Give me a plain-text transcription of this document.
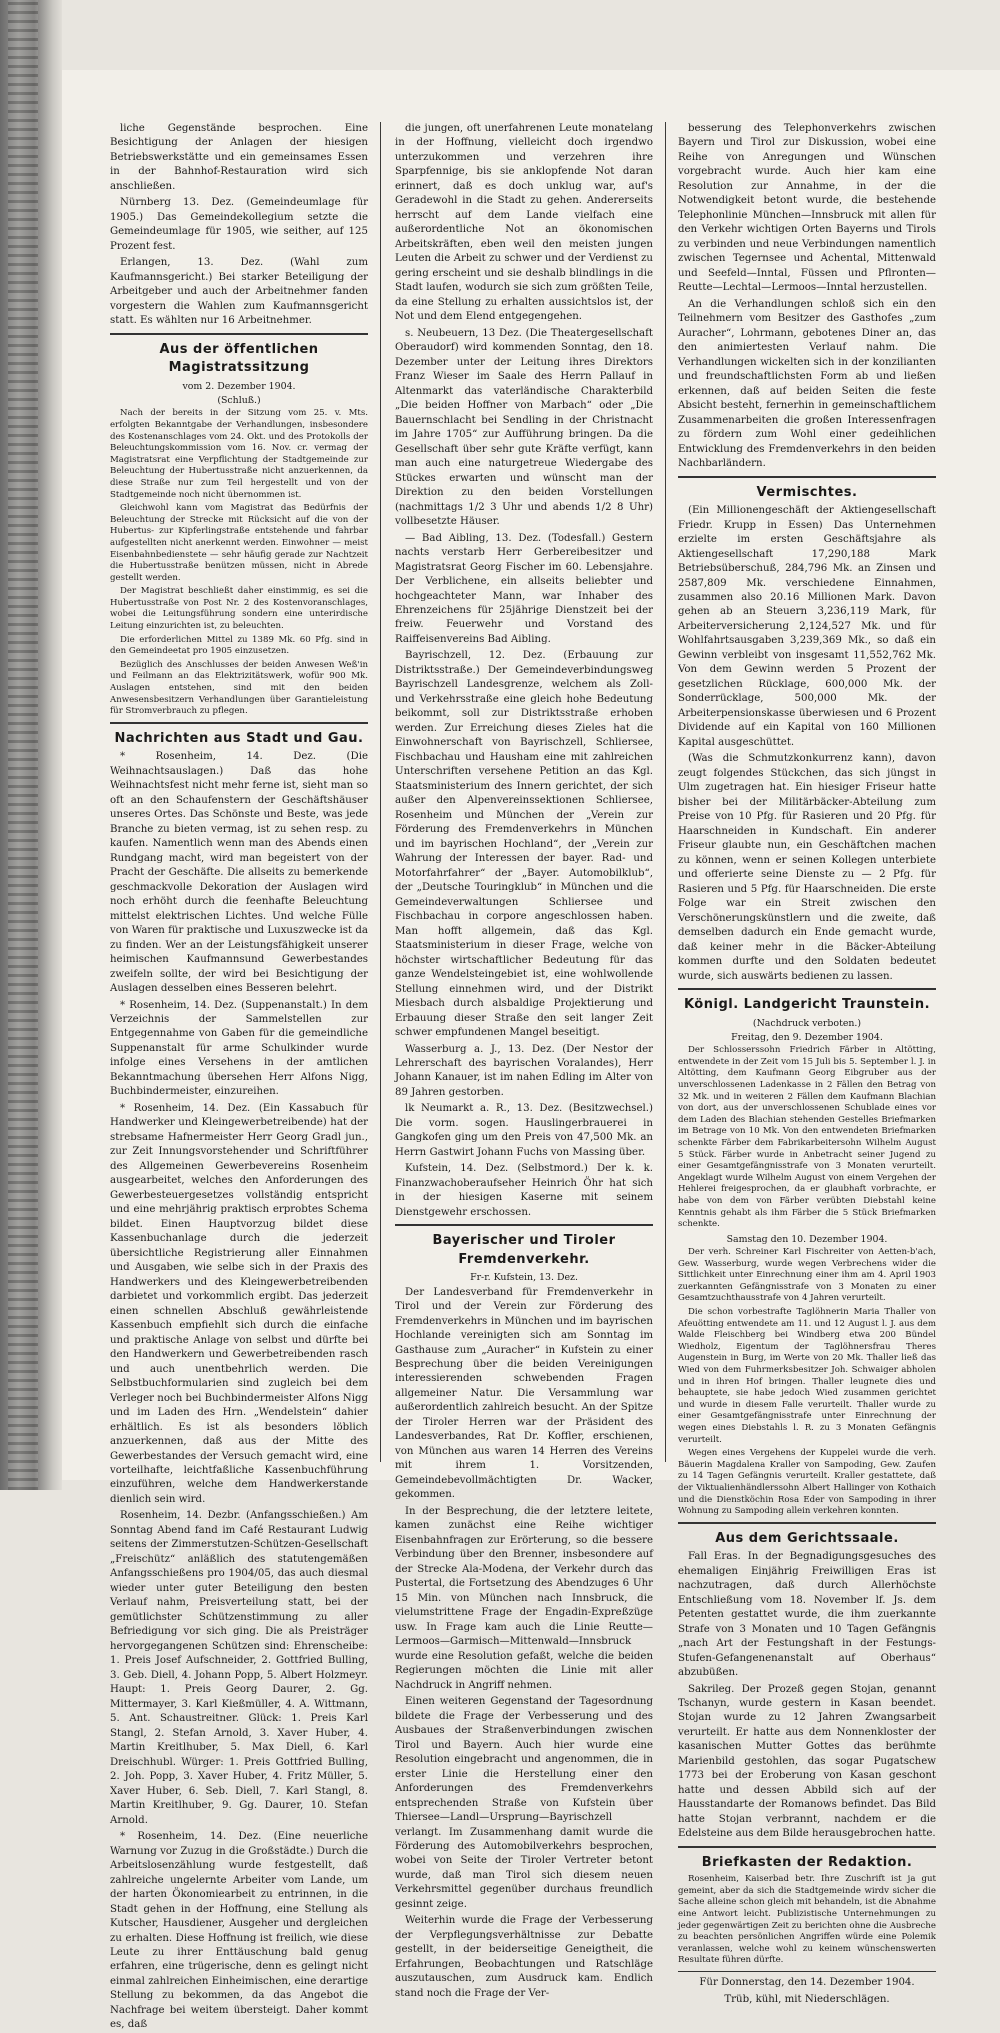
liche Gegenstände besprochen. Eine Besichtigung der Anlagen der hiesigen Betriebswerkstätte und ein gemeinsames Essen in der Bahnhof-Restauration wird sich anschließen.

Nürnberg 13. Dez. (Gemeindeumlage für 1905.) Das Gemeindekollegium setzte die Gemeindeumlage für 1905, wie seither, auf 125 Prozent fest.

Erlangen, 13. Dez. (Wahl zum Kaufmannsgericht.) Bei starker Beteiligung der Arbeitgeber und auch der Arbeitnehmer fanden vorgestern die Wahlen zum Kaufmannsgericht statt. Es wählten nur 16 Arbeitnehmer.

Aus der öffentlichen Magistratssitzung

vom 2. Dezember 1904.

(Schluß.)

Nach der bereits in der Sitzung vom 25. v. Mts. erfolgten Bekanntgabe der Verhandlungen, insbesondere des Kostenanschlages vom 24. Okt. und des Protokolls der Beleuchtungskommission vom 16. Nov. cr. vermag der Magistratsrat eine Verpflichtung der Stadtgemeinde zur Beleuchtung der Hubertusstraße nicht anzuerkennen, da diese Straße nur zum Teil hergestellt und von der Stadtgemeinde noch nicht übernommen ist.

Gleichwohl kann vom Magistrat das Bedürfnis der Beleuchtung der Strecke mit Rücksicht auf die von der Hubertus- zur Kipferlingstraße entstehende und fahrbar aufgestellten nicht anerkennt werden. Einwohner — meist Eisenbahnbedienstete — sehr häufig gerade zur Nachtzeit die Hubertusstraße benützen müssen, nicht in Abrede gestellt werden.

Der Magistrat beschließt daher einstimmig, es sei die Hubertusstraße von Post Nr. 2 des Kostenvoranschlages, wobei die Leitungsführung sondern eine unterirdische Leitung einzurichten ist, zu beleuchten.

Die erforderlichen Mittel zu 1389 Mk. 60 Pfg. sind in den Gemeindeetat pro 1905 einzusetzen.

Bezüglich des Anschlusses der beiden Anwesen Weß'in und Feilmann an das Elektrizitätswerk, wofür 900 Mk. Auslagen entstehen, sind mit den beiden Anwesensbesitzern Verhandlungen über Garantieleistung für Stromverbrauch zu pflegen.

Nachrichten aus Stadt und Gau.

* Rosenheim, 14. Dez. (Die Weihnachtsauslagen.) Daß das hohe Weihnachtsfest nicht mehr ferne ist, sieht man so oft an den Schaufenstern der Geschäftshäuser unseres Ortes. Das Schönste und Beste, was jede Branche zu bieten vermag, ist zu sehen resp. zu kaufen. Namentlich wenn man des Abends einen Rundgang macht, wird man begeistert von der Pracht der Geschäfte. Die allseits zu bemerkende geschmackvolle Dekoration der Auslagen wird noch erhöht durch die feenhafte Beleuchtung mittelst elektrischen Lichtes. Und welche Fülle von Waren für praktische und Luxuszwecke ist da zu finden. Wer an der Leistungsfähigkeit unserer heimischen Kaufmannsund Gewerbestandes zweifeln sollte, der wird bei Besichtigung der Auslagen desselben eines Besseren belehrt.

* Rosenheim, 14. Dez. (Suppenanstalt.) In dem Verzeichnis der Sammelstellen zur Entgegennahme von Gaben für die gemeindliche Suppenanstalt für arme Schulkinder wurde infolge eines Versehens in der amtlichen Bekanntmachung übersehen Herr Alfons Nigg, Buchbindermeister, einzureihen.

* Rosenheim, 14. Dez. (Ein Kassabuch für Handwerker und Kleingewerbetreibende) hat der strebsame Hafnermeister Herr Georg Gradl jun., zur Zeit Innungsvorstehender und Schriftführer des Allgemeinen Gewerbevereins Rosenheim ausgearbeitet, welches den Anforderungen des Gewerbesteuergesetzes vollständig entspricht und eine mehrjährig praktisch erprobtes Schema bildet. Einen Hauptvorzug bildet diese Kassenbuchanlage durch die jederzeit übersichtliche Registrierung aller Einnahmen und Ausgaben, wie selbe sich in der Praxis des Handwerkers und des Kleingewerbetreibenden darbietet und vorkommlich ergibt. Das jederzeit einen schnellen Abschluß gewährleistende Kassenbuch empfiehlt sich durch die einfache und praktische Anlage von selbst und dürfte bei den Handwerkern und Gewerbetreibenden rasch und auch unentbehrlich werden. Die Selbstbuchformularien sind zugleich bei dem Verleger noch bei Buchbindermeister Alfons Nigg und im Laden des Hrn. „Wendelstein“ dahier erhältlich. Es ist als besonders löblich anzuerkennen, daß aus der Mitte des Gewerbestandes der Versuch gemacht wird, eine vorteilhafte, leichtfaßliche Kassenbuchführung einzuführen, welche dem Handwerkerstande dienlich sein wird.

Rosenheim, 14. Dezbr. (Anfangsschießen.) Am Sonntag Abend fand im Café Restaurant Ludwig seitens der Zimmerstutzen-Schützen-Gesellschaft „Freischütz“ anläßlich des statutengemäßen Anfangsschießens pro 1904/05, das auch diesmal wieder unter guter Beteiligung den besten Verlauf nahm, Preisverteilung statt, bei der gemütlichster Schützenstimmung zu aller Befriedigung vor sich ging. Die als Preisträger hervorgegangenen Schützen sind: Ehrenscheibe: 1. Preis Josef Aufschneider, 2. Gottfried Bulling, 3. Geb. Diell, 4. Johann Popp, 5. Albert Holzmeyr. Haupt: 1. Preis Georg Daurer, 2. Gg. Mittermayer, 3. Karl Kießmüller, 4. A. Wittmann, 5. Ant. Schaustreitner. Glück: 1. Preis Karl Stangl, 2. Stefan Arnold, 3. Xaver Huber, 4. Martin Kreitlhuber, 5. Max Diell, 6. Karl Dreischhubl. Würger: 1. Preis Gottfried Bulling, 2. Joh. Popp, 3. Xaver Huber, 4. Fritz Müller, 5. Xaver Huber, 6. Seb. Diell, 7. Karl Stangl, 8. Martin Kreitlhuber, 9. Gg. Daurer, 10. Stefan Arnold.

* Rosenheim, 14. Dez. (Eine neuerliche Warnung vor Zuzug in die Großstädte.) Durch die Arbeitslosenzählung wurde festgestellt, daß zahlreiche ungelernte Arbeiter vom Lande, um der harten Ökonomiearbeit zu entrinnen, in die Stadt gehen in der Hoffnung, eine Stellung als Kutscher, Hausdiener, Ausgeher und dergleichen zu erhalten. Diese Hoffnung ist freilich, wie diese Leute zu ihrer Enttäuschung bald genug erfahren, eine trügerische, denn es gelingt nicht einmal zahlreichen Einheimischen, eine derartige Stellung zu bekommen, da das Angebot die Nachfrage bei weitem übersteigt. Daher kommt es, daß

die jungen, oft unerfahrenen Leute monatelang in der Hoffnung, vielleicht doch irgendwo unterzukommen und verzehren ihre Sparpfennige, bis sie anklopfende Not daran erinnert, daß es doch unklug war, auf's Geradewohl in die Stadt zu gehen. Andererseits herrscht auf dem Lande vielfach eine außerordentliche Not an ökonomischen Arbeitskräften, eben weil den meisten jungen Leuten die Arbeit zu schwer und der Verdienst zu gering erscheint und sie deshalb blindlings in die Stadt laufen, wodurch sie sich zum größten Teile, da eine Stellung zu erhalten aussichtslos ist, der Not und dem Elend entgegengehen.

s. Neubeuern, 13 Dez. (Die Theatergesellschaft Oberaudorf) wird kommenden Sonntag, den 18. Dezember unter der Leitung ihres Direktors Franz Wieser im Saale des Herrn Pallauf in Altenmarkt das vaterländische Charakterbild „Die beiden Hoffner von Marbach“ oder „Die Bauernschlacht bei Sendling in der Christnacht im Jahre 1705“ zur Aufführung bringen. Da die Gesellschaft über sehr gute Kräfte verfügt, kann man auch eine naturgetreue Wiedergabe des Stückes erwarten und wünscht man der Direktion zu den beiden Vorstellungen (nachmittags 1/2 3 Uhr und abends 1/2 8 Uhr) vollbesetzte Häuser.

— Bad Aibling, 13. Dez. (Todesfall.) Gestern nachts verstarb Herr Gerbereibesitzer und Magistratsrat Georg Fischer im 60. Lebensjahre. Der Verblichene, ein allseits beliebter und hochgeachteter Mann, war Inhaber des Ehrenzeichens für 25jährige Dienstzeit bei der freiw. Feuerwehr und Vorstand des Raiffeisenvereins Bad Aibling.

Bayrischzell, 12. Dez. (Erbauung zur Distriktsstraße.) Der Gemeindeverbindungsweg Bayrischzell Landesgrenze, welchem als Zoll- und Verkehrsstraße eine gleich hohe Bedeutung beikommt, soll zur Distriktsstraße erhoben werden. Zur Erreichung dieses Zieles hat die Einwohnerschaft von Bayrischzell, Schliersee, Fischbachau und Hausham eine mit zahlreichen Unterschriften versehene Petition an das Kgl. Staatsministerium des Innern gerichtet, der sich außer den Alpenvereinssektionen Schliersee, Rosenheim und München der „Verein zur Förderung des Fremdenverkehrs in München und im bayrischen Hochland“, der „Verein zur Wahrung der Interessen der bayer. Rad- und Motorfahrfahrer“ der „Bayer. Automobilklub“, der „Deutsche Touringklub“ in München und die Gemeindeverwaltungen Schliersee und Fischbachau in corpore angeschlossen haben. Man hofft allgemein, daß das Kgl. Staatsministerium in dieser Frage, welche von höchster wirtschaftlicher Bedeutung für das ganze Wendelsteingebiet ist, eine wohlwollende Stellung einnehmen wird, und der Distrikt Miesbach durch alsbaldige Projektierung und Erbauung dieser Straße den seit langer Zeit schwer empfundenen Mangel beseitigt.

Wasserburg a. J., 13. Dez. (Der Nestor der Lehrerschaft des bayrischen Voralandes), Herr Johann Kanauer, ist im nahen Edling im Alter von 89 Jahren gestorben.

lk Neumarkt a. R., 13. Dez. (Besitzwechsel.) Die vorm. sogen. Hauslingerbrauerei in Gangkofen ging um den Preis von 47,500 Mk. an Herrn Gastwirt Johann Fuchs von Massing über.

Kufstein, 14. Dez. (Selbstmord.) Der k. k. Finanzwachoberaufseher Heinrich Öhr hat sich in der hiesigen Kaserne mit seinem Dienstgewehr erschossen.

Bayerischer und Tiroler Fremdenverkehr.

Fr-r. Kufstein, 13. Dez.

Der Landesverband für Fremdenverkehr in Tirol und der Verein zur Förderung des Fremdenverkehrs in München und im bayrischen Hochlande vereinigten sich am Sonntag im Gasthause zum „Auracher“ in Kufstein zu einer Besprechung über die beiden Vereinigungen interessierenden schwebenden Fragen allgemeiner Natur. Die Versammlung war außerordentlich zahlreich besucht. An der Spitze der Tiroler Herren war der Präsident des Landesverbandes, Rat Dr. Koffler, erschienen, von München aus waren 14 Herren des Vereins mit ihrem 1. Vorsitzenden, Gemeindebevollmächtigten Dr. Wacker, gekommen.

In der Besprechung, die der letztere leitete, kamen zunächst eine Reihe wichtiger Eisenbahnfragen zur Erörterung, so die bessere Verbindung über den Brenner, insbesondere auf der Strecke Ala-Modena, der Verkehr durch das Pustertal, die Fortsetzung des Abendzuges 6 Uhr 15 Min. von München nach Innsbruck, die vielumstrittene Frage der Engadin-Expreßzüge usw. In Frage kam auch die Linie Reutte—Lermoos—Garmisch—Mittenwald—Innsbruck wurde eine Resolution gefaßt, welche die beiden Regierungen möchten die Linie mit aller Nachdruck in Angriff nehmen.

Einen weiteren Gegenstand der Tagesordnung bildete die Frage der Verbesserung und des Ausbaues der Straßenverbindungen zwischen Tirol und Bayern. Auch hier wurde eine Resolution eingebracht und angenommen, die in erster Linie die Herstellung einer den Anforderungen des Fremdenverkehrs entsprechenden Straße von Kufstein über Thiersee—Landl—Ursprung—Bayrischzell verlangt. Im Zusammenhang damit wurde die Förderung des Automobilverkehrs besprochen, wobei von Seite der Tiroler Vertreter betont wurde, daß man Tirol sich diesem neuen Verkehrsmittel gegenüber durchaus freundlich gesinnt zeige.

Weiterhin wurde die Frage der Verbesserung der Verpflegungsverhältnisse zur Debatte gestellt, in der beiderseitige Geneigtheit, die Erfahrungen, Beobachtungen und Ratschläge auszutauschen, zum Ausdruck kam. Endlich stand noch die Frage der Ver-

besserung des Telephonverkehrs zwischen Bayern und Tirol zur Diskussion, wobei eine Reihe von Anregungen und Wünschen vorgebracht wurde. Auch hier kam eine Resolution zur Annahme, in der die Notwendigkeit betont wurde, die bestehende Telephonlinie München—Innsbruck mit allen für den Verkehr wichtigen Orten Bayerns und Tirols zu verbinden und neue Verbindungen namentlich zwischen Tegernsee und Achental, Mittenwald und Seefeld—Inntal, Füssen und Pflronten—Reutte—Lechtal—Lermoos—Inntal herzustellen.

An die Verhandlungen schloß sich ein den Teilnehmern vom Besitzer des Gasthofes „zum Auracher“, Lohrmann, gebotenes Diner an, das den animiertesten Verlauf nahm. Die Verhandlungen wickelten sich in der konzilianten und freundschaftlichsten Form ab und ließen erkennen, daß auf beiden Seiten die feste Absicht besteht, fernerhin in gemeinschaftlichem Zusammenarbeiten die großen Interessenfragen zu fördern zum Wohl einer gedeihlichen Entwicklung des Fremdenverkehrs in den beiden Nachbarländern.

Vermischtes.

(Ein Millionengeschäft der Aktiengesellschaft Friedr. Krupp in Essen) Das Unternehmen erzielte im ersten Geschäftsjahre als Aktiengesellschaft 17,290,188 Mark Betriebsüberschuß, 284,796 Mk. an Zinsen und 2587,809 Mk. verschiedene Einnahmen, zusammen also 20.16 Millionen Mark. Davon gehen ab an Steuern 3,236,119 Mark, für Arbeiterversicherung 2,124,527 Mk. und für Wohlfahrtsausgaben 3,239,369 Mk., so daß ein Gewinn verbleibt von insgesamt 11,552,762 Mk. Von dem Gewinn werden 5 Prozent der gesetzlichen Rücklage, 600,000 Mk. der Sonderrücklage, 500,000 Mk. der Arbeiterpensionskasse überwiesen und 6 Prozent Dividende auf ein Kapital von 160 Millionen Kapital ausgeschüttet.

(Was die Schmutzkonkurrenz kann), davon zeugt folgendes Stückchen, das sich jüngst in Ulm zugetragen hat. Ein hiesiger Friseur hatte bisher bei der Militärbäcker-Abteilung zum Preise von 10 Pfg. für Rasieren und 20 Pfg. für Haarschneiden in Kundschaft. Ein anderer Friseur glaubte nun, ein Geschäftchen machen zu können, wenn er seinen Kollegen unterbiete und offerierte seine Dienste zu — 2 Pfg. für Rasieren und 5 Pfg. für Haarschneiden. Die erste Folge war ein Streit zwischen den Verschönerungskünstlern und die zweite, daß demselben dadurch ein Ende gemacht wurde, daß keiner mehr in die Bäcker-Abteilung kommen durfte und den Soldaten bedeutet wurde, sich auswärts bedienen zu lassen.

Königl. Landgericht Traunstein.

(Nachdruck verboten.)

Freitag, den 9. Dezember 1904.

Der Schlosserssohn Friedrich Färber in Altötting, entwendete in der Zeit vom 15 Juli bis 5. September l. J. in Altötting, dem Kaufmann Georg Eibgruber aus der unverschlossenen Ladenkasse in 2 Fällen den Betrag von 32 Mk. und in weiteren 2 Fällen dem Kaufmann Blachian von dort, aus der unverschlossenen Schublade eines vor dem Laden des Blachian stehenden Gestelles Briefmarken im Betrage von 10 Mk. Von den entwendeten Briefmarken schenkte Färber dem Fabrikarbeitersohn Wilhelm August 5 Stück. Färber wurde in Anbetracht seiner Jugend zu einer Gesamtgefängnisstrafe von 3 Monaten verurteilt. Angeklagt wurde Wilhelm August von einem Vergehen der Hehlerei freigesprochen, da er glaubhaft vorbrachte, er habe von dem von Färber verübten Diebstahl keine Kenntnis gehabt als ihm Färber die 5 Stück Briefmarken schenkte.

Samstag den 10. Dezember 1904.

Der verh. Schreiner Karl Fischreiter von Aetten-b'ach, Gew. Wasserburg, wurde wegen Verbrechens wider die Sittlichkeit unter Einrechnung einer ihm am 4. April 1903 zuerkannten Gefängnisstrafe von 3 Monaten zu einer Gesamtzuchthausstrafe von 4 Jahren verurteilt.

Die schon vorbestrafte Taglöhnerin Maria Thaller von Afeuötting entwendete am 11. und 12 August l. J. aus dem Walde Fleischberg bei Windberg etwa 200 Bündel Wiedholz, Eigentum der Taglöhnersfrau Theres Augenstein in Burg, im Werte von 20 Mk. Thaller ließ das Wied von dem Fuhrmerksbesitzer Joh. Schwaiger abholen und in ihren Hof bringen. Thaller leugnete dies und behauptete, sie habe jedoch Wied zusammen gerichtet und wurde in diesem Falle verurteilt. Thaller wurde zu einer Gesamtgefängnisstrafe unter Einrechnung der wegen eines Diebstahls l. R. zu 3 Monaten Gefängnis verurteilt.

Wegen eines Vergehens der Kuppelei wurde die verh. Bäuerin Magdalena Kraller von Sampoding, Gew. Zaufen zu 14 Tagen Gefängnis verurteilt. Kraller gestattete, daß der Viktualienhändlerssohn Albert Hallinger von Kothaich und die Dienstköchin Rosa Eder von Sampoding in ihrer Wohnung zu Sampoding allein verkehren konnten.

Aus dem Gerichtssaale.

Fall Eras. In der Begnadigungsgesuches des ehemaligen Einjährig Freiwilligen Eras ist nachzutragen, daß durch Allerhöchste Entschließung vom 18. November lf. Js. dem Petenten gestattet wurde, die ihm zuerkannte Strafe von 3 Monaten und 10 Tagen Gefängnis „nach Art der Festungshaft in der Festungs-Stufen-Gefangenenanstalt auf Oberhaus“ abzubüßen.

Sakrileg. Der Prozeß gegen Stojan, genannt Tschanyn, wurde gestern in Kasan beendet. Stojan wurde zu 12 Jahren Zwangsarbeit verurteilt. Er hatte aus dem Nonnenkloster der kasanischen Mutter Gottes das berühmte Marienbild gestohlen, das sogar Pugatschew 1773 bei der Eroberung von Kasan geschont hatte und dessen Abbild sich auf der Hausstandarte der Romanows befindet. Das Bild hatte Stojan verbrannt, nachdem er die Edelsteine aus dem Bilde herausgebrochen hatte.

Briefkasten der Redaktion.

Rosenheim, Kaiserbad betr. Ihre Zuschrift ist ja gut gemeint, aber da sich die Stadtgemeinde wirdv sicher die Sache alleine schon gleich mit behandeln, ist die Abnahme eine Antwort leicht. Publizistische Unternehmungen zu jeder gegenwärtigen Zeit zu berichten ohne die Ausbreche zu beachten persönlichen Angriffen würde eine Polemik veranlassen, welche wohl zu keinem wünschenswerten Resultate führen dürfte.

Für Donnerstag, den 14. Dezember 1904.

Trüb, kühl, mit Niederschlägen.
